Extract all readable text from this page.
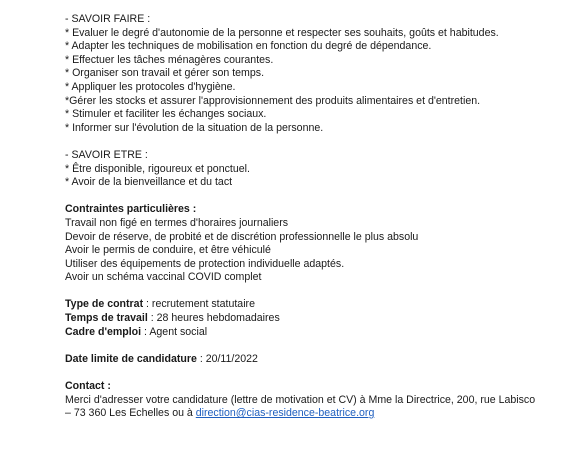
- SAVOIR FAIRE :
* Evaluer le degré d'autonomie de la personne et respecter ses souhaits, goûts et habitudes.
* Adapter les techniques de mobilisation en fonction du degré de dépendance.
* Effectuer les tâches ménagères courantes.
* Organiser son travail et gérer son temps.
* Appliquer les protocoles d'hygiène.
*Gérer les stocks et assurer l'approvisionnement des produits alimentaires et d'entretien.
* Stimuler et faciliter les échanges sociaux.
* Informer sur l'évolution de la situation de la personne.
- SAVOIR ETRE :
* Être disponible, rigoureux et ponctuel.
* Avoir de la bienveillance et du tact
Contraintes particulières :
Travail non figé en termes d'horaires journaliers
Devoir de réserve, de probité et de discrétion professionnelle le plus absolu
Avoir le permis de conduire, et être véhiculé
Utiliser des équipements de protection individuelle adaptés.
Avoir un schéma vaccinal COVID complet
Type de contrat : recrutement statutaire
Temps de travail : 28 heures hebdomadaires
Cadre d'emploi : Agent social
Date limite de candidature : 20/11/2022
Contact :
Merci d'adresser votre candidature (lettre de motivation et CV) à Mme la Directrice, 200, rue Labisco
– 73 360 Les Echelles ou à direction@cias-residence-beatrice.org
